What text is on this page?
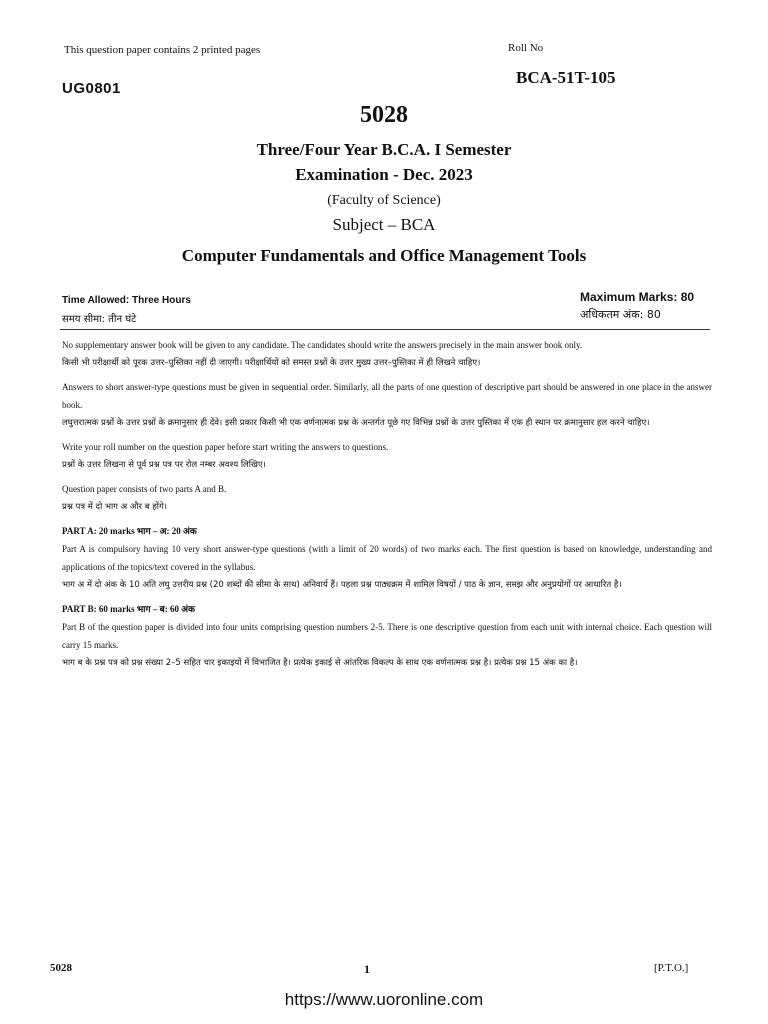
This question paper contains 2 printed pages	Roll No
UG0801
BCA-51T-105
5028
Three/Four Year B.C.A. I Semester
Examination - Dec. 2023
(Faculty of Science)
Subject – BCA
Computer Fundamentals and Office Management Tools
Time Allowed: Three Hours
समय सीमा: तीन घंटे
Maximum Marks: 80
अधिकतम अंक: 80
No supplementary answer book will be given to any candidate. The candidates should write the answers precisely in the main answer book only.
किसी भी परीक्षार्थी को पूरक उत्तर–पुस्तिका नहीं दी जाएगी। परीक्षार्थियों को समस्त प्रश्नों के उत्तर मुख्य उत्तर–पुस्तिका में ही लिखने चाहिए।
Answers to short answer-type questions must be given in sequential order. Similarly, all the parts of one question of descriptive part should be answered in one place in the answer book.
लघुत्तरात्मक प्रश्नों के उत्तर प्रश्नों के क्रमानुसार ही देंवे। इसी प्रकार किसी भी एक वर्णनात्मक प्रश्न के अन्तर्गत पूछे गए विभिन्न प्रश्नों के उत्तर पुस्तिका में एक ही स्थान पर क्रमानुसार हल करने चाहिए।
Write your roll number on the question paper before start writing the answers to questions.
प्रश्नों के उत्तर लिखना से पूर्व प्रश्न पत्र पर रोल नम्बर अवश्य लिखिए।
Question paper consists of two parts A and B.
प्रश्न पत्र में दो भाग अ और ब होंगे।
PART A: 20 marks भाग – अ: 20 अंक
Part A is compulsory having 10 very short answer-type questions (with a limit of 20 words) of two marks each. The first question is based on knowledge, understanding and applications of the topics/text covered in the syllabus.
भाग अ में दो अंक के 10 अति लघु उत्तरीय प्रश्न (20 शब्दों की सीमा के साथ) अनिवार्य हैं। पहला प्रश्न पाठ्यक्रम में शामिल विषयों / पाठ के ज्ञान, समझ और अनुप्रयोगों पर आधारित है।
PART B: 60 marks भाग – ब: 60 अंक
Part B of the question paper is divided into four units comprising question numbers 2-5. There is one descriptive question from each unit with internal choice. Each question will carry 15 marks.
भाग ब के प्रश्न पत्र को प्रश्न संख्या 2–5 सहित चार इकाइयों में विभाजित है। प्रत्येक इकाई से आंतरिक विकल्प के साथ एक वर्णनात्मक प्रश्न है। प्रत्येक प्रश्न 15 अंक का है।
5028	1	[P.T.O.]
https://www.uoronline.com
